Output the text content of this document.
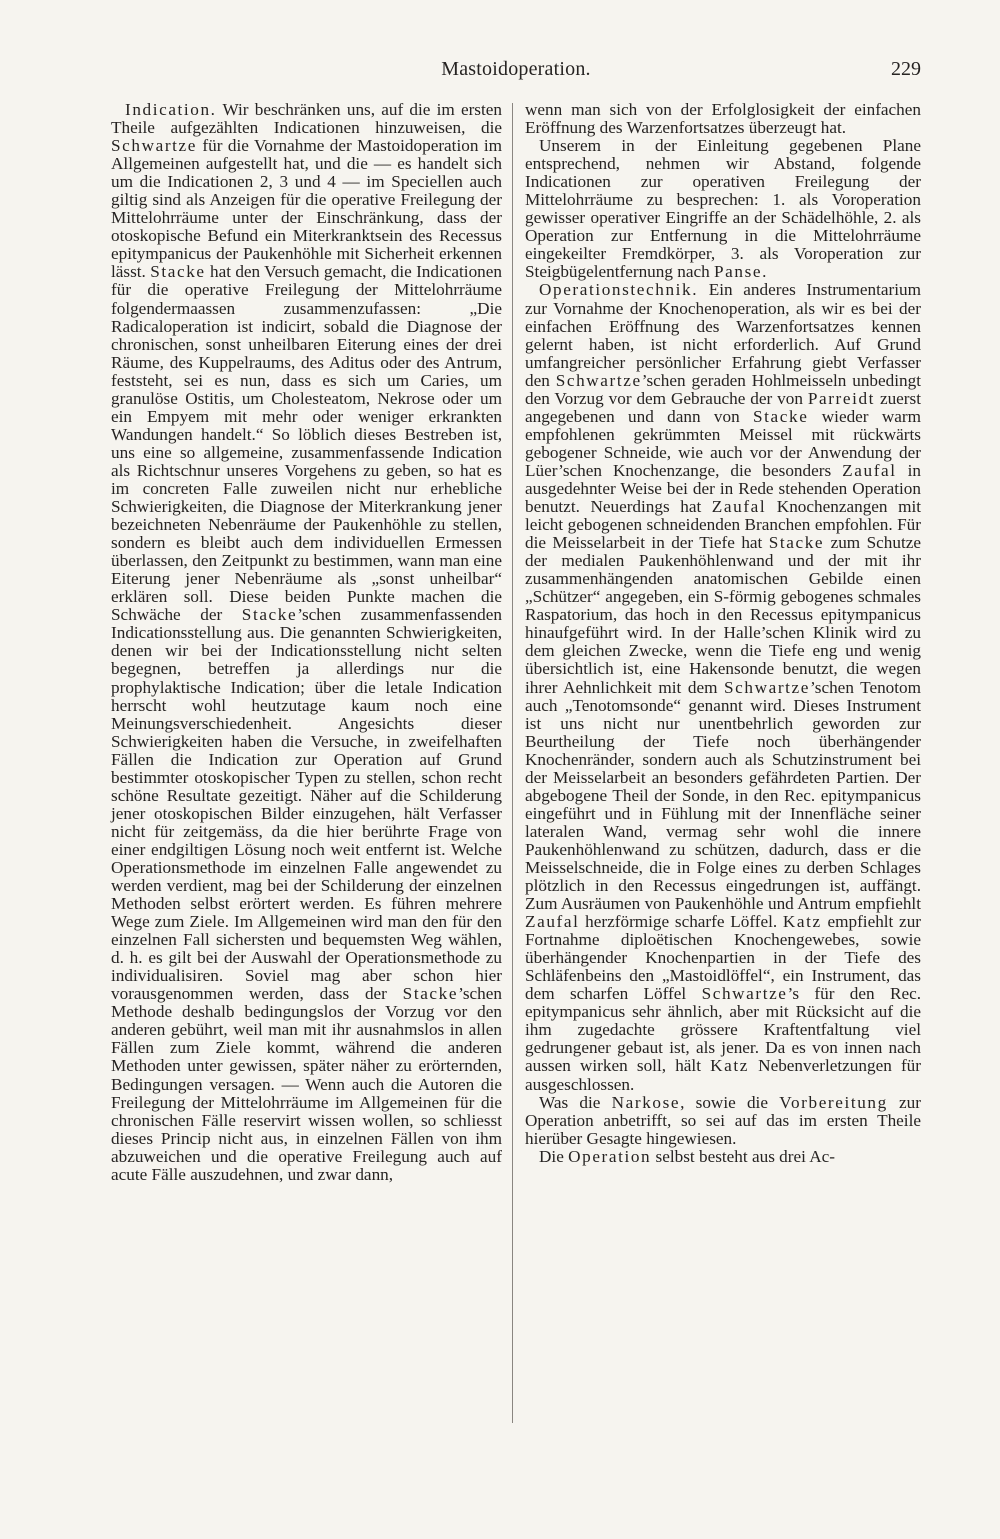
Mastoidoperation.	229

Indication. Wir beschränken uns, auf die im ersten Theile aufgezählten Indicationen hinzuweisen, die Schwartze für die Vornahme der Mastoidoperation im Allgemeinen aufgestellt hat, und die — es handelt sich um die Indicationen 2, 3 und 4 — im Speciellen auch giltig sind als Anzeigen für die operative Freilegung der Mittelohrräume unter der Einschränkung, dass der otoskopische Befund ein Miterkranktsein des Recessus epitympanicus der Paukenhöhle mit Sicherheit erkennen lässt. Stacke hat den Versuch gemacht, die Indicationen für die operative Freilegung der Mittelohrräume folgendermaassen zusammenzufassen: „Die Radicaloperation ist indicirt, sobald die Diagnose der chronischen, sonst unheilbaren Eiterung eines der drei Räume, des Kuppelraums, des Aditus oder des Antrum, feststeht, sei es nun, dass es sich um Caries, um granulöse Ostitis, um Cholesteatom, Nekrose oder um ein Empyem mit mehr oder weniger erkrankten Wandungen handelt.“ So löblich dieses Bestreben ist, uns eine so allgemeine, zusammenfassende Indication als Richtschnur unseres Vorgehens zu geben, so hat es im concreten Falle zuweilen nicht nur erhebliche Schwierigkeiten, die Diagnose der Miterkrankung jener bezeichneten Nebenräume der Paukenhöhle zu stellen, sondern es bleibt auch dem individuellen Ermessen überlassen, den Zeitpunkt zu bestimmen, wann man eine Eiterung jener Nebenräume als „sonst unheilbar“ erklären soll. Diese beiden Punkte machen die Schwäche der Stacke’schen zusammenfassenden Indicationsstellung aus. Die genannten Schwierigkeiten, denen wir bei der Indicationsstellung nicht selten begegnen, betreffen ja allerdings nur die prophylaktische Indication; über die letale Indication herrscht wohl heutzutage kaum noch eine Meinungsverschiedenheit. Angesichts dieser Schwierigkeiten haben die Versuche, in zweifelhaften Fällen die Indication zur Operation auf Grund bestimmter otoskopischer Typen zu stellen, schon recht schöne Resultate gezeitigt. Näher auf die Schilderung jener otoskopischen Bilder einzugehen, hält Verfasser nicht für zeitgemäss, da die hier berührte Frage von einer endgiltigen Lösung noch weit entfernt ist. Welche Operationsmethode im einzelnen Falle angewendet zu werden verdient, mag bei der Schilderung der einzelnen Methoden selbst erörtert werden. Es führen mehrere Wege zum Ziele. Im Allgemeinen wird man den für den einzelnen Fall sichersten und bequemsten Weg wählen, d. h. es gilt bei der Auswahl der Operationsmethode zu individualisiren. Soviel mag aber schon hier vorausgenommen werden, dass der Stacke’schen Methode deshalb bedingungslos der Vorzug vor den anderen gebührt, weil man mit ihr ausnahmslos in allen Fällen zum Ziele kommt, während die anderen Methoden unter gewissen, später näher zu erörternden, Bedingungen versagen. — Wenn auch die Autoren die Freilegung der Mittelohrräume im Allgemeinen für die chronischen Fälle reservirt wissen wollen, so schliesst dieses Princip nicht aus, in einzelnen Fällen von ihm abzuweichen und die operative Freilegung auch auf acute Fälle auszudehnen, und zwar dann,

wenn man sich von der Erfolglosigkeit der einfachen Eröffnung des Warzenfortsatzes überzeugt hat.

Unserem in der Einleitung gegebenen Plane entsprechend, nehmen wir Abstand, folgende Indicationen zur operativen Freilegung der Mittelohrräume zu besprechen: 1. als Voroperation gewisser operativer Eingriffe an der Schädelhöhle, 2. als Operation zur Entfernung in die Mittelohrräume eingekeilter Fremdkörper, 3. als Voroperation zur Steigbügelentfernung nach Panse.

Operationstechnik. Ein anderes Instrumentarium zur Vornahme der Knochenoperation, als wir es bei der einfachen Eröffnung des Warzenfortsatzes kennen gelernt haben, ist nicht erforderlich. Auf Grund umfangreicher persönlicher Erfahrung giebt Verfasser den Schwartze’schen geraden Hohlmeisseln unbedingt den Vorzug vor dem Gebrauche der von Parreidt zuerst angegebenen und dann von Stacke wieder warm empfohlenen gekrümmten Meissel mit rückwärts gebogener Schneide, wie auch vor der Anwendung der Lüer’schen Knochenzange, die besonders Zaufal in ausgedehnter Weise bei der in Rede stehenden Operation benutzt. Neuerdings hat Zaufal Knochenzangen mit leicht gebogenen schneidenden Branchen empfohlen. Für die Meisselarbeit in der Tiefe hat Stacke zum Schutze der medialen Paukenhöhlenwand und der mit ihr zusammenhängenden anatomischen Gebilde einen „Schützer“ angegeben, ein S-förmig gebogenes schmales Raspatorium, das hoch in den Recessus epitympanicus hinaufgeführt wird. In der Halle’schen Klinik wird zu dem gleichen Zwecke, wenn die Tiefe eng und wenig übersichtlich ist, eine Hakensonde benutzt, die wegen ihrer Aehnlichkeit mit dem Schwartze’schen Tenotom auch „Tenotomsonde“ genannt wird. Dieses Instrument ist uns nicht nur unentbehrlich geworden zur Beurtheilung der Tiefe noch überhängender Knochenränder, sondern auch als Schutzinstrument bei der Meisselarbeit an besonders gefährdeten Partien. Der abgebogene Theil der Sonde, in den Rec. epitympanicus eingeführt und in Fühlung mit der Innenfläche seiner lateralen Wand, vermag sehr wohl die innere Paukenhöhlenwand zu schützen, dadurch, dass er die Meisselschneide, die in Folge eines zu derben Schlages plötzlich in den Recessus eingedrungen ist, auffängt. Zum Ausräumen von Paukenhöhle und Antrum empfiehlt Zaufal herzförmige scharfe Löffel. Katz empfiehlt zur Fortnahme diploëtischen Knochengewebes, sowie überhängender Knochenpartien in der Tiefe des Schläfenbeins den „Mastoidlöffel“, ein Instrument, das dem scharfen Löffel Schwartze’s für den Rec. epitympanicus sehr ähnlich, aber mit Rücksicht auf die ihm zugedachte grössere Kraftentfaltung viel gedrungener gebaut ist, als jener. Da es von innen nach aussen wirken soll, hält Katz Nebenverletzungen für ausgeschlossen.

Was die Narkose, sowie die Vorbereitung zur Operation anbetrifft, so sei auf das im ersten Theile hierüber Gesagte hingewiesen.

Die Operation selbst besteht aus drei Ac-
